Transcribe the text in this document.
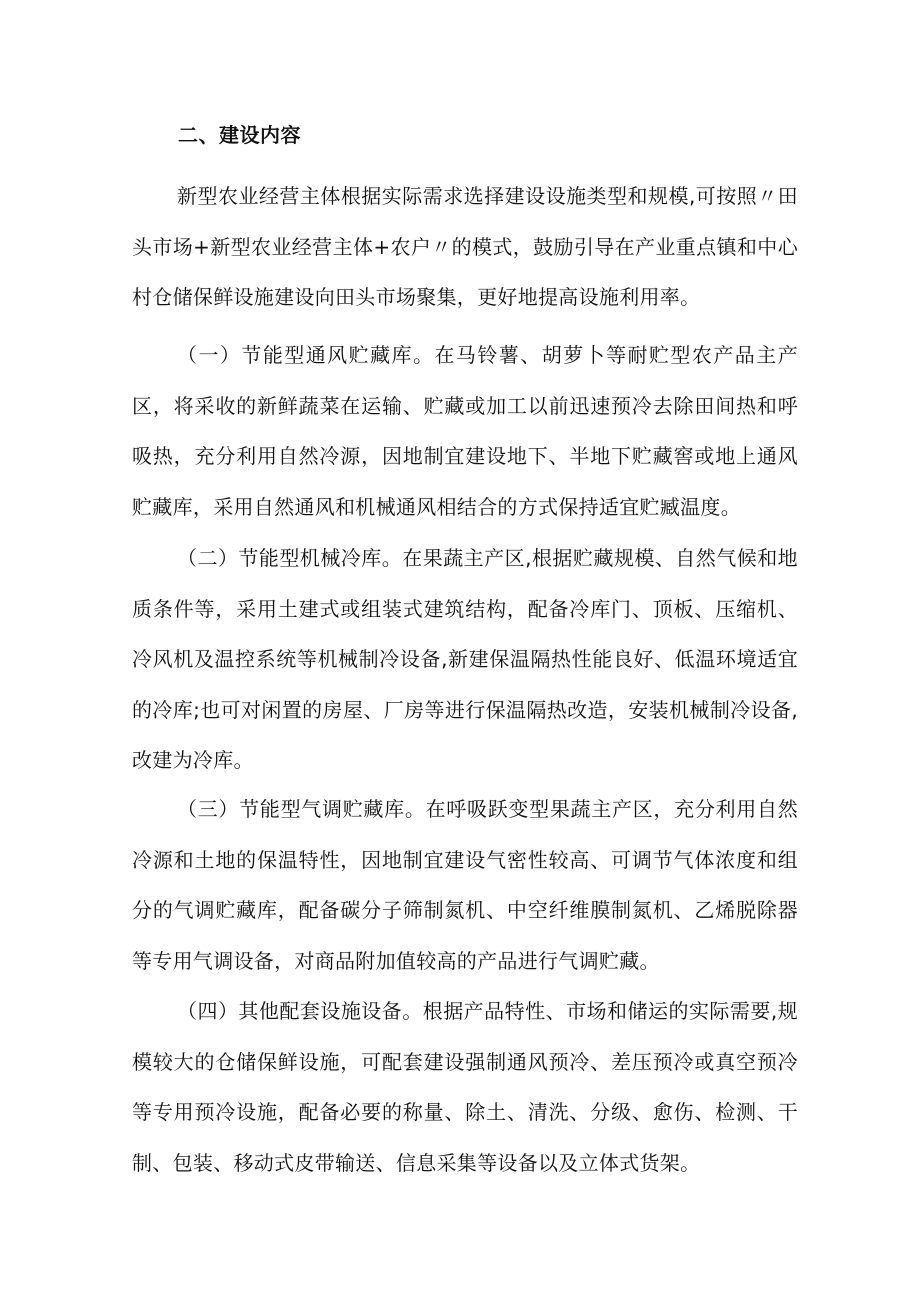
二、建设内容

新型农业经营主体根据实际需求选择建设设施类型和规模,可按照〃田头市场+新型农业经营主体+农户〃的模式，鼓励引导在产业重点镇和中心村仓储保鲜设施建设向田头市场聚集，更好地提高设施利用率。

（一）节能型通风贮藏库。在马铃薯、胡萝卜等耐贮型农产品主产区，将采收的新鲜蔬菜在运输、贮藏或加工以前迅速预冷去除田间热和呼吸热，充分利用自然冷源，因地制宜建设地下、半地下贮藏窖或地上通风贮藏库，采用自然通风和机械通风相结合的方式保持适宜贮臧温度。

（二）节能型机械冷库。在果蔬主产区,根据贮藏规模、自然气候和地质条件等，采用土建式或组装式建筑结构，配备冷库门、顶板、压缩机、冷风机及温控系统等机械制冷设备,新建保温隔热性能良好、低温环境适宜的冷库;也可对闲置的房屋、厂房等进行保温隔热改造，安装机械制冷设备,改建为冷库。

（三）节能型气调贮藏库。在呼吸跃变型果蔬主产区，充分利用自然冷源和土地的保温特性，因地制宜建设气密性较高、可调节气体浓度和组分的气调贮藏库，配备碳分子筛制氮机、中空纤维膜制氮机、乙烯脱除器等专用气调设备，对商品附加值较高的产品进行气调贮藏。

（四）其他配套设施设备。根据产品特性、市场和储运的实际需要,规模较大的仓储保鲜设施，可配套建设强制通风预冷、差压预冷或真空预冷等专用预冷设施，配备必要的称量、除土、清洗、分级、愈伤、检测、干制、包装、移动式皮带输送、信息采集等设备以及立体式货架。
